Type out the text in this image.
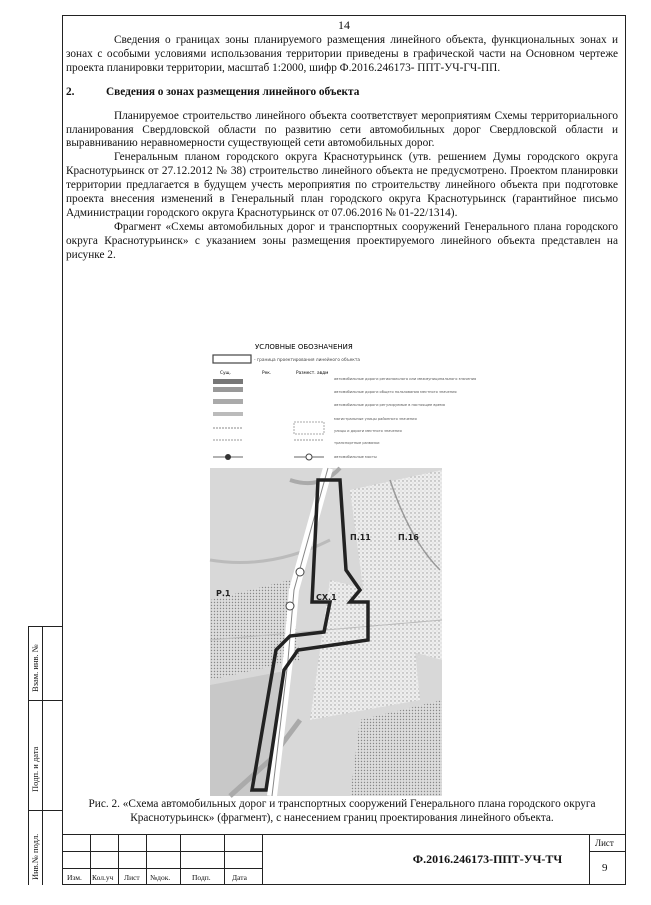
14

Сведения о границах зоны планируемого размещения линейного объекта, функциональных зонах и зонах с особыми условиями использования территории приведены в графической части на Основном чертеже проекта планировки территории, масштаб 1:2000, шифр Ф.2016.246173- ППТ-УЧ-ГЧ-ПП.

2.	Сведения о зонах размещения линейного объекта

Планируемое строительство линейного объекта соответствует мероприятиям Схемы территориального планирования Свердловской области по развитию сети автомобильных дорог Свердловской области и выравниванию неравномерности существующей сети автомобильных дорог.

Генеральным планом городского округа Краснотурьинск (утв. решением Думы городского округа Краснотурьинск от 27.12.2012 № 38) строительство линейного объекта не предусмотрено. Проектом планировки территории предлагается в будущем учесть мероприятия по строительству линейного объекта при подготовке проекта внесения изменений в Генеральный план городского округа Краснотурьинск (гарантийное письмо Администрации городского округа Краснотурьинск от 07.06.2016 № 01-22/1314).

Фрагмент «Схемы автомобильных дорог и транспортных сооружений Генерального плана городского округа Краснотурьинск» с указанием зоны размещения проектируемого линейного объекта представлен на рисунке 2.

УСЛОВНЫЕ ОБОЗНАЧЕНИЯ
- граница проектирования линейного объекта
Сущ.	Рек.	Размест. авдм
автомобильные дороги регионального или межмуниципального значения
автомобильные дороги общего пользования местного значения
автомобильные дороги регулируемые в настоящее время
магистральные улицы районного значения
улицы и дороги местного значения
транспортные развязки
автомобильные мосты
П.11	П.16
Р.1	СХ.1
Рис. 2. «Схема автомобильных дорог и транспортных сооружений Генерального плана городского округа Краснотурьинск» (фрагмент), с нанесением границ проектирования линейного объекта.
Взам. инв. №
Подп. и дата
Инв.№ подл.	Изм. Кол.уч Лист №док.	Подп.	Дата
Ф.2016.246173-ППТ-УЧ-ТЧ
Лист
9
